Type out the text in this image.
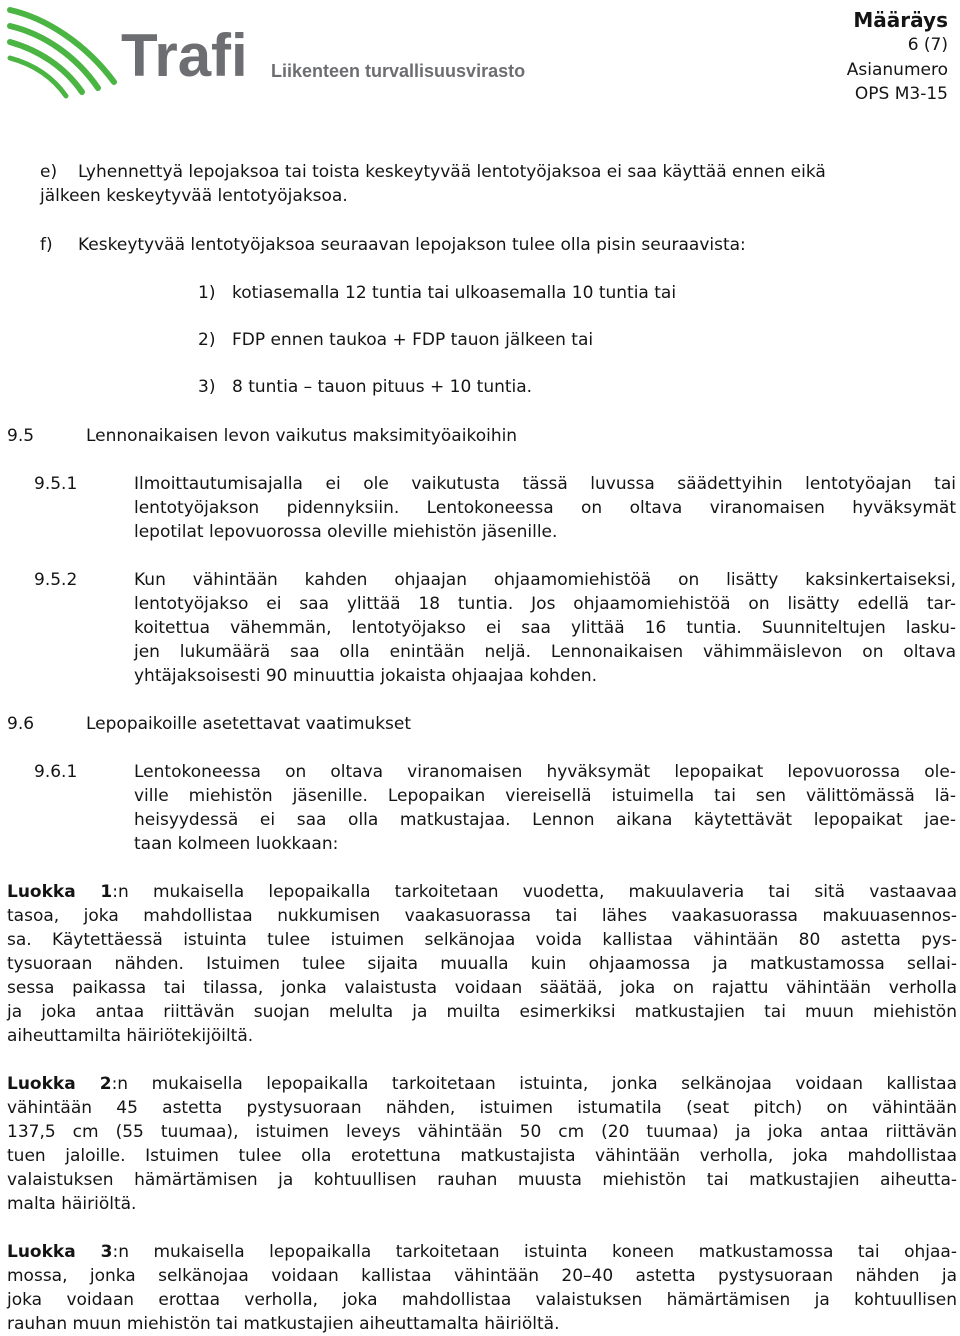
Trafi Liikenteen turvallisuusvirasto
Määräys
6 (7)
Asianumero
OPS M3-15
e) Lyhennettyä lepojaksoa tai toista keskeytyvää lentotyöjaksoa ei saa käyttää ennen eikä
jälkeen keskeytyvää lentotyöjaksoa.
f) Keskeytyvää lentotyöjaksoa seuraavan lepojakson tulee olla pisin seuraavista:
1) kotiasemalla 12 tuntia tai ulkoasemalla 10 tuntia tai
2) FDP ennen taukoa + FDP tauon jälkeen tai
3) 8 tuntia – tauon pituus + 10 tuntia.
9.5	Lennonaikaisen levon vaikutus maksimityöaikoihin
9.5.1	Ilmoittautumisajalla ei ole vaikutusta tässä luvussa säädettyihin lentotyöajan tai

lentotyöjakson pidennyksiin. Lentokoneessa on oltava viranomaisen hyväksymät

lepotilat lepovuorossa oleville miehistön jäsenille.

9.5.2	Kun vähintään kahden ohjaajan ohjaamomiehistöä on lisätty kaksinkertaiseksi,

lentotyöjakso ei saa ylittää 18 tuntia. Jos ohjaamomiehistöä on lisätty edellä tar-

koitettua vähemmän, lentotyöjakso ei saa ylittää 16 tuntia. Suunniteltujen lasku-

jen lukumäärä saa olla enintään neljä. Lennonaikaisen vähimmäislevon on oltava

yhtäjaksoisesti 90 minuuttia jokaista ohjaajaa kohden.

9.6	Lepopaikoille asetettavat vaatimukset
9.6.1	Lentokoneessa on oltava viranomaisen hyväksymät lepopaikat lepovuorossa ole-

ville miehistön jäsenille. Lepopaikan viereisellä istuimella tai sen välittömässä lä-

heisyydessä ei saa olla matkustajaa. Lennon aikana käytettävät lepopaikat jae-

taan kolmeen luokkaan:

Luokka 1:n mukaisella lepopaikalla tarkoitetaan vuodetta, makuulaveria tai sitä vastaavaa

tasoa, joka mahdollistaa nukkumisen vaakasuorassa tai lähes vaakasuorassa makuuasennos-

sa. Käytettäessä istuinta tulee istuimen selkänojaa voida kallistaa vähintään 80 astetta pys-

tysuoraan nähden. Istuimen tulee sijaita muualla kuin ohjaamossa ja matkustamossa sellai-

sessa paikassa tai tilassa, jonka valaistusta voidaan säätää, joka on rajattu vähintään verholla

ja joka antaa riittävän suojan melulta ja muilta esimerkiksi matkustajien tai muun miehistön

aiheuttamilta häiriötekijöiltä.

Luokka 2:n mukaisella lepopaikalla tarkoitetaan istuinta, jonka selkänojaa voidaan kallistaa

vähintään 45 astetta pystysuoraan nähden, istuimen istumatila (seat pitch) on vähintään

137,5 cm (55 tuumaa), istuimen leveys vähintään 50 cm (20 tuumaa) ja joka antaa riittävän

tuen jaloille. Istuimen tulee olla erotettuna matkustajista vähintään verholla, joka mahdollistaa

valaistuksen hämärtämisen ja kohtuullisen rauhan muusta miehistön tai matkustajien aiheutta-

malta häiriöltä.

Luokka 3:n mukaisella lepopaikalla tarkoitetaan istuinta koneen matkustamossa tai ohjaa-

mossa, jonka selkänojaa voidaan kallistaa vähintään 20–40 astetta pystysuoraan nähden ja

joka voidaan erottaa verholla, joka mahdollistaa valaistuksen hämärtämisen ja kohtuullisen

rauhan muun miehistön tai matkustajien aiheuttamalta häiriöltä.
